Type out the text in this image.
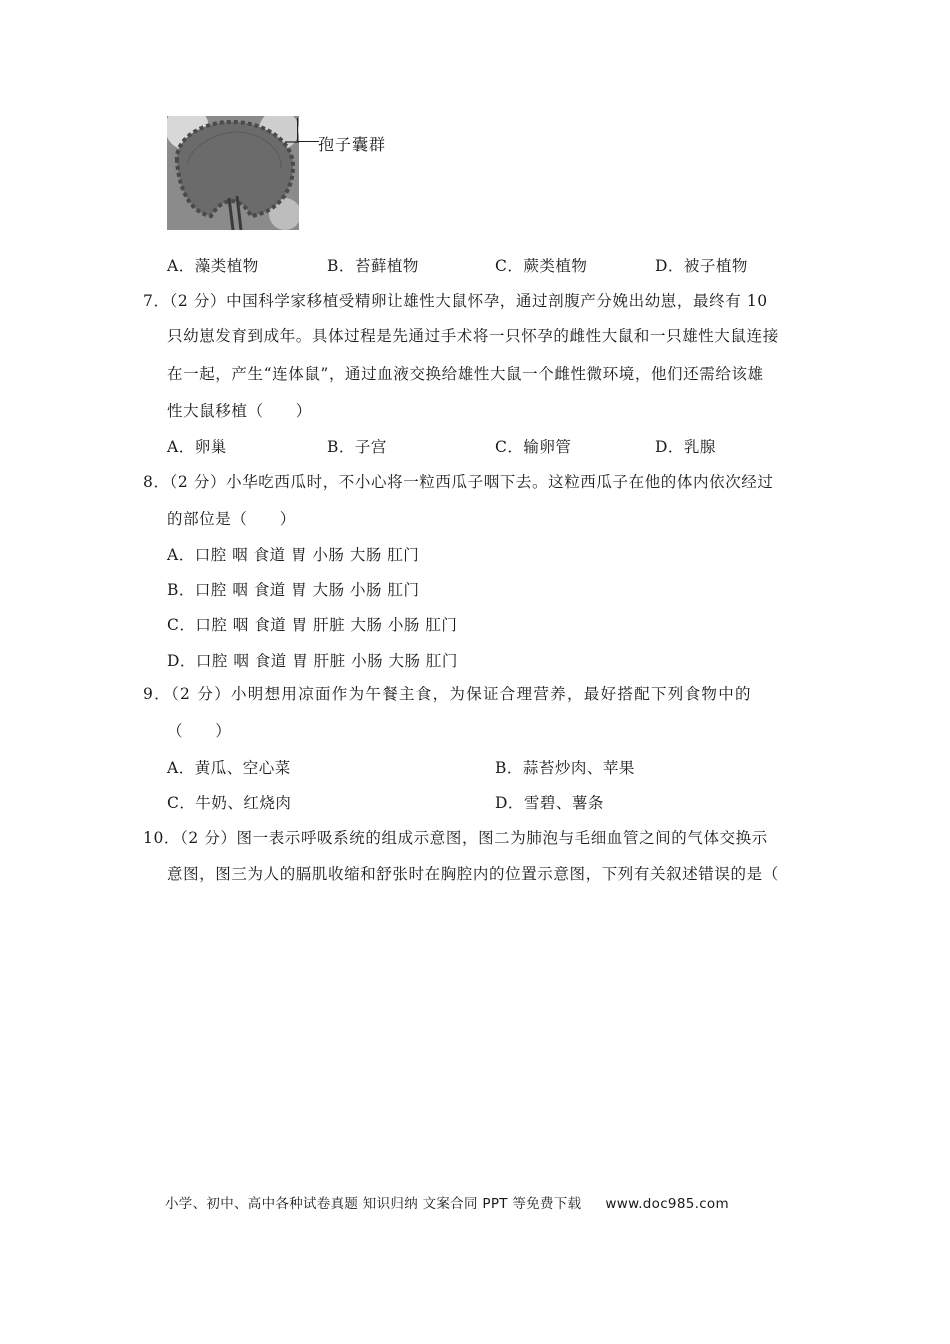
孢子囊群
A．藻类植物	B．苔藓植物	C．蕨类植物	D．被子植物
7．（2 分）中国科学家移植受精卵让雄性大鼠怀孕，通过剖腹产分娩出幼崽，最终有 10
只幼崽发育到成年。具体过程是先通过手术将一只怀孕的雌性大鼠和一只雄性大鼠连接
在一起，产生“连体鼠”，通过血液交换给雄性大鼠一个雌性微环境，他们还需给该雄
性大鼠移植（　　）
A．卵巢	B．子宫	C．输卵管	D．乳腺
8．（2 分）小华吃西瓜时，不小心将一粒西瓜子咽下去。这粒西瓜子在他的体内依次经过
的部位是（　　）
A．口腔 咽 食道 胃 小肠 大肠 肛门
B．口腔 咽 食道 胃 大肠 小肠 肛门
C．口腔 咽 食道 胃 肝脏 大肠 小肠 肛门
D．口腔 咽 食道 胃 肝脏 小肠 大肠 肛门
9．（2 分）小明想用凉面作为午餐主食，为保证合理营养，最好搭配下列食物中的
（　　）
A．黄瓜、空心菜	B．蒜苔炒肉、苹果
C．牛奶、红烧肉	D．雪碧、薯条
10．（2 分）图一表示呼吸系统的组成示意图，图二为肺泡与毛细血管之间的气体交换示
意图，图三为人的膈肌收缩和舒张时在胸腔内的位置示意图，下列有关叙述错误的是（
小学、初中、高中各种试卷真题 知识归纳 文案合同 PPT 等免费下载 www.doc985.com
